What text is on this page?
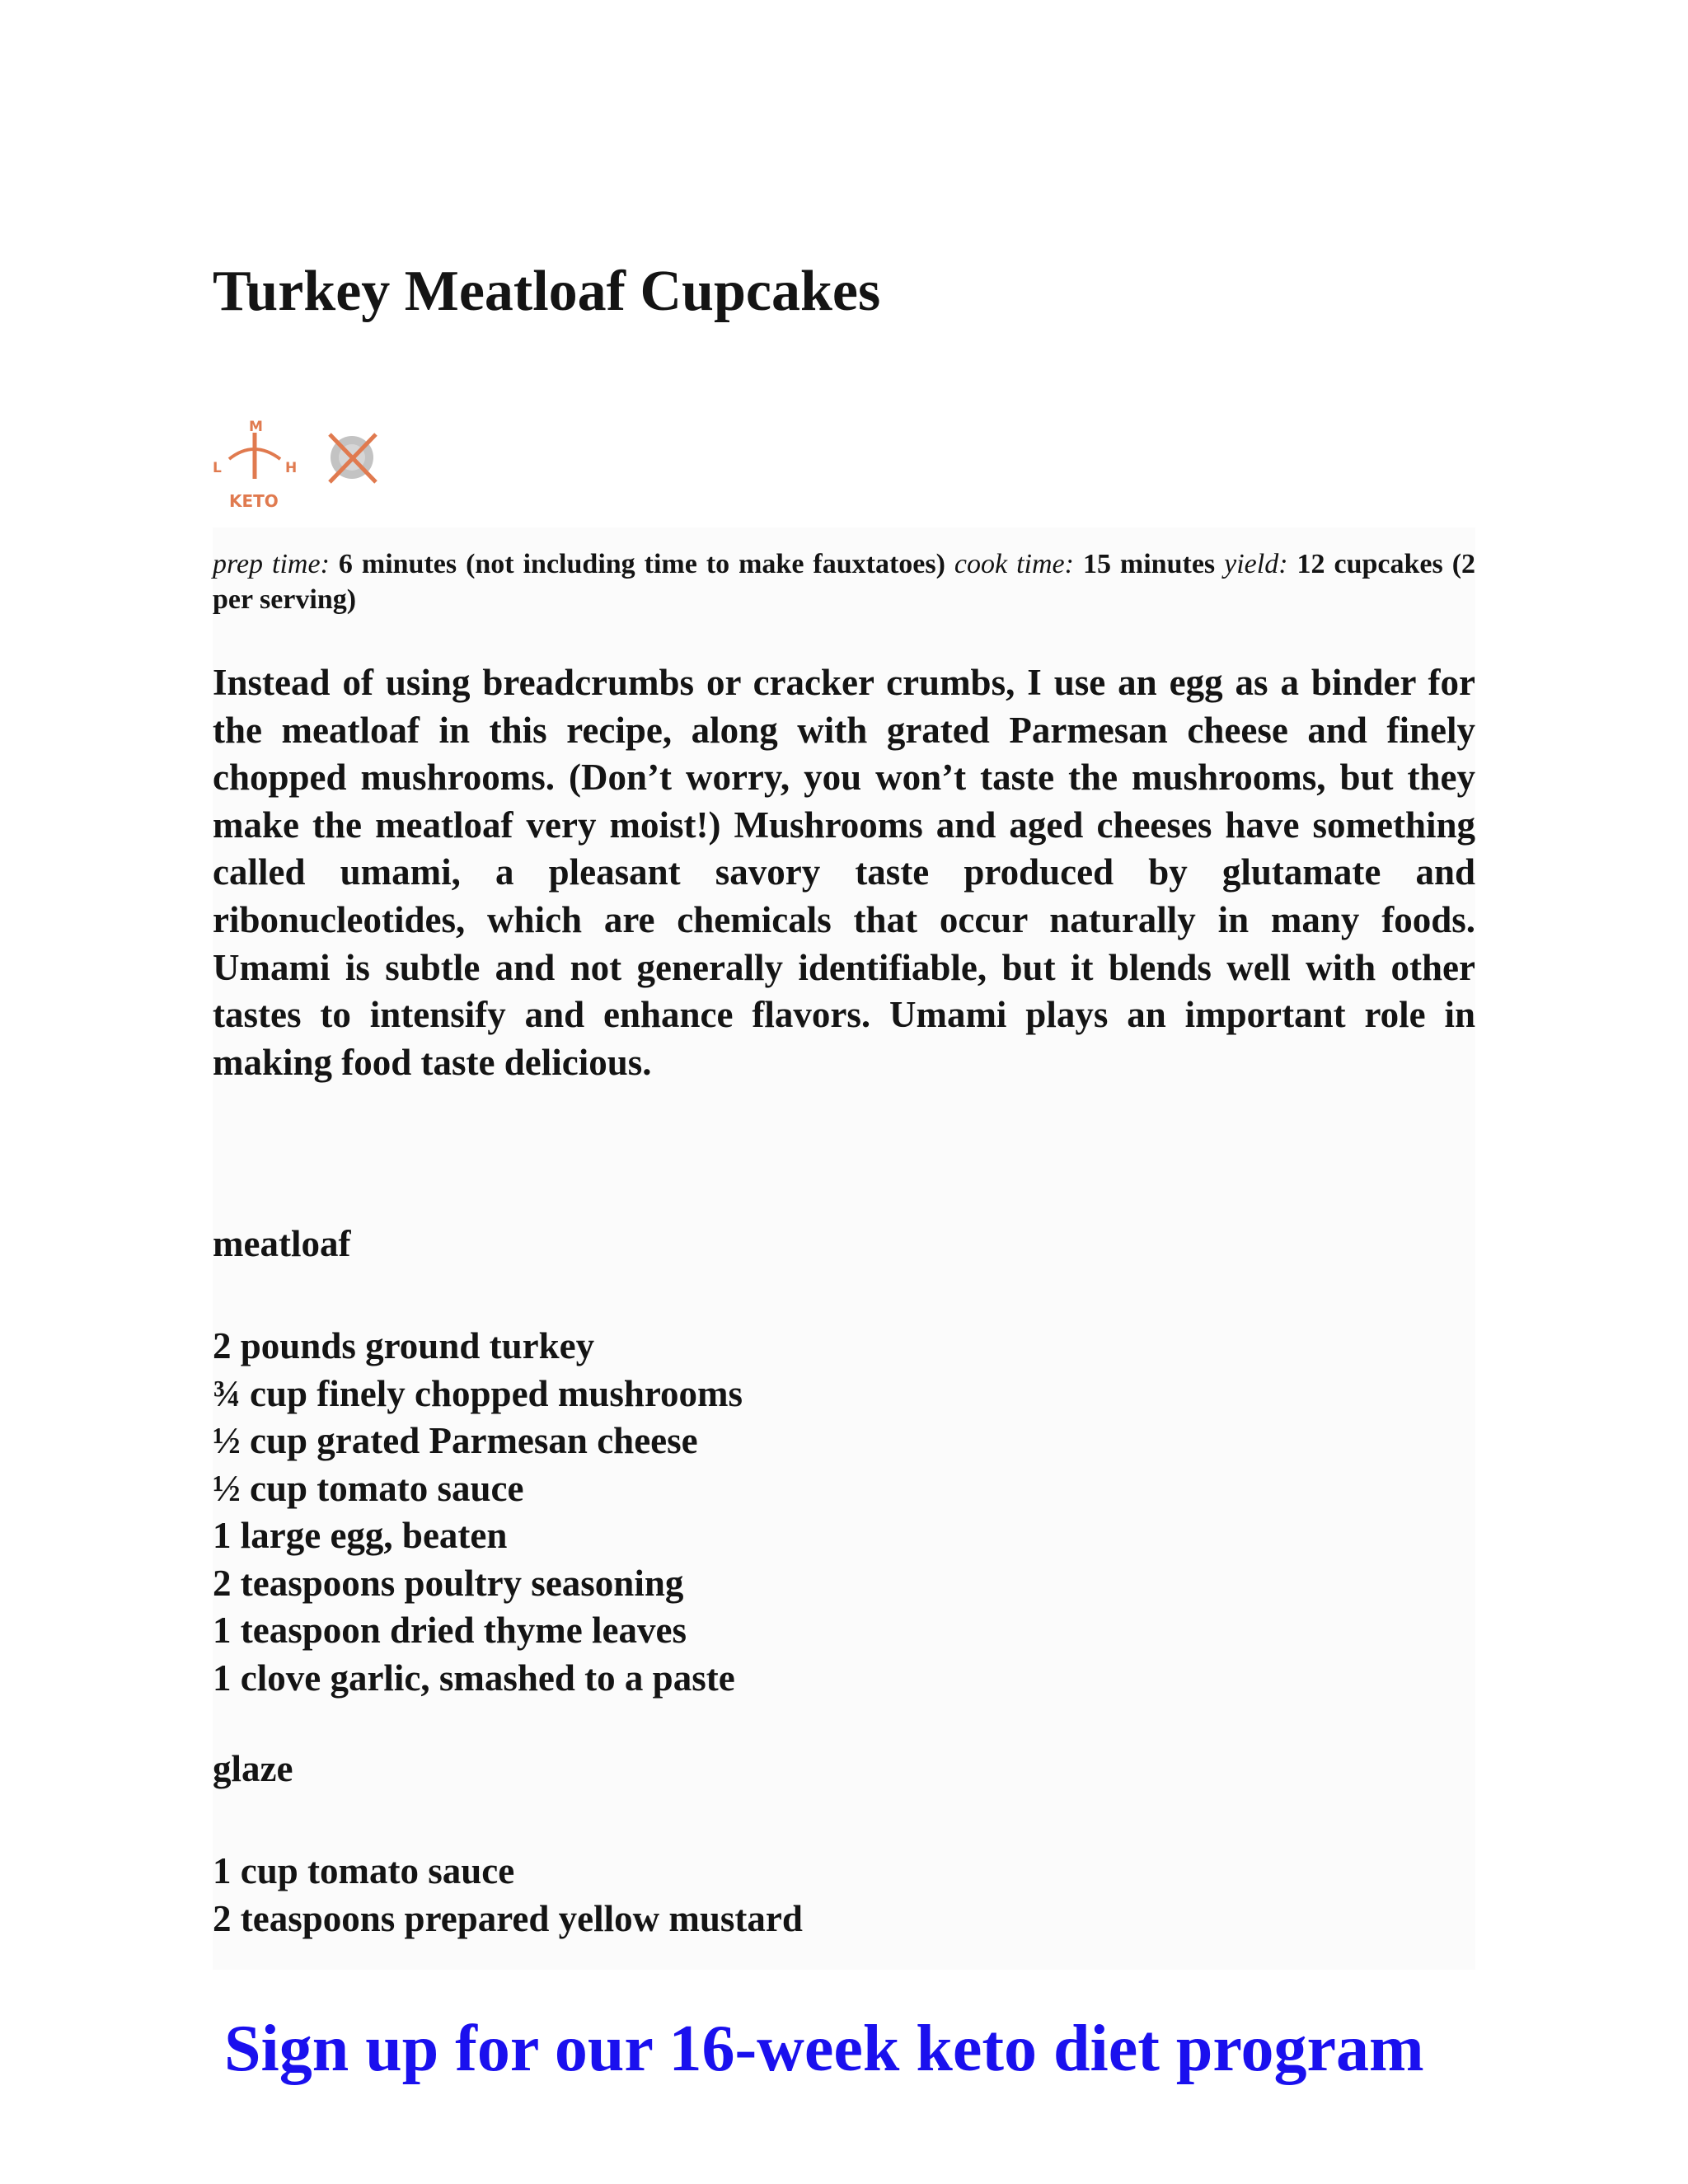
Turkey Meatloaf Cupcakes
M
L	H
KETO

prep time: 6 minutes (not including time to make fauxtatoes) cook time: 15 minutes yield: 12 cupcakes (2 per serving)

Instead of using breadcrumbs or cracker crumbs, I use an egg as a binder for the meatloaf in this recipe, along with grated Parmesan cheese and finely chopped mushrooms. (Don’t worry, you won’t taste the mushrooms, but they make the meatloaf very moist!) Mushrooms and aged cheeses have something called umami, a pleasant savory taste produced by glutamate and ribonucleotides, which are chemicals that occur naturally in many foods. Umami is subtle and not generally identifiable, but it blends well with other tastes to intensify and enhance flavors. Umami plays an important role in making food taste delicious.

meatloaf
2 pounds ground turkey
¾ cup finely chopped mushrooms
½ cup grated Parmesan cheese
½ cup tomato sauce
1 large egg, beaten
2 teaspoons poultry seasoning
1 teaspoon dried thyme leaves
1 clove garlic, smashed to a paste
glaze
1 cup tomato sauce
2 teaspoons prepared yellow mustard
Sign up for our 16-week keto diet program
